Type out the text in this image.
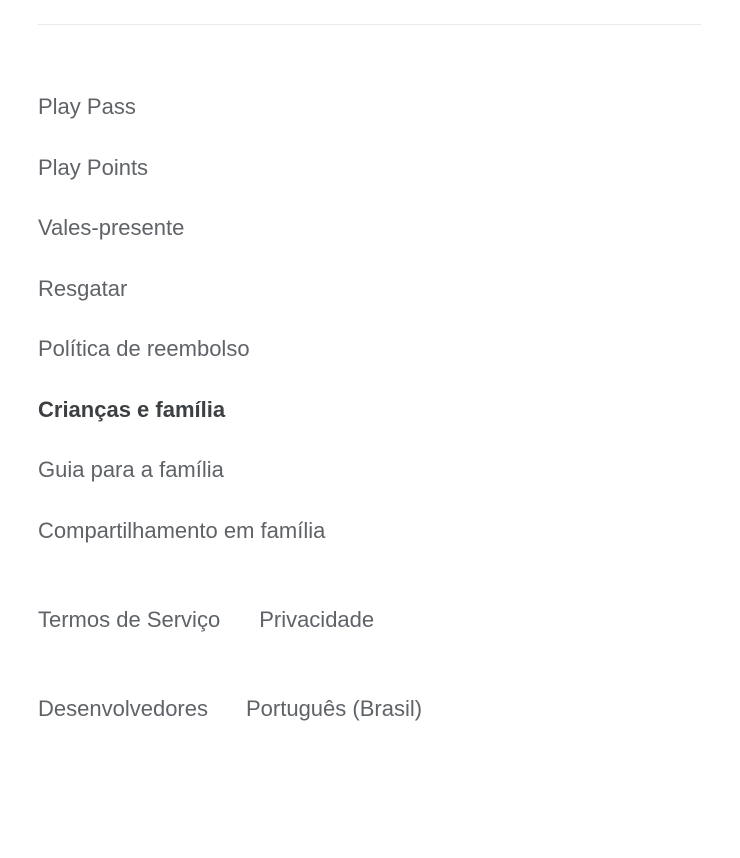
Play Pass
Play Points
Vales-presente
Resgatar
Política de reembolso
Crianças e família
Guia para a família
Compartilhamento em família
Termos de Serviço Privacidade
Desenvolvedores Português (Brasil)
